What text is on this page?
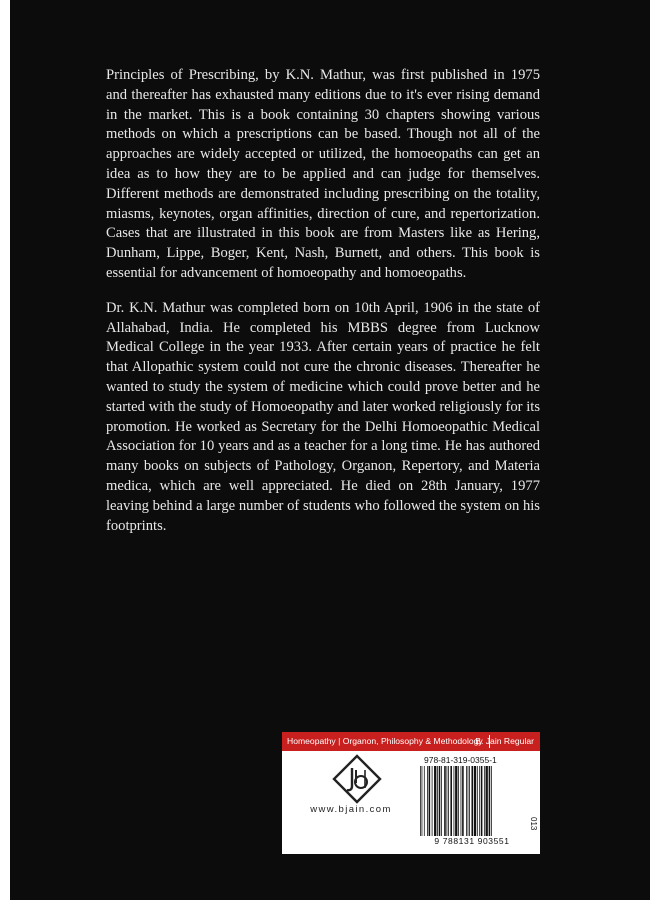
Principles of Prescribing, by K.N. Mathur, was first published in 1975 and thereafter has exhausted many editions due to it's ever rising demand in the market. This is a book containing 30 chapters showing various methods on which a prescriptions can be based. Though not all of the approaches are widely accepted or utilized, the homoeopaths can get an idea as to how they are to be applied and can judge for themselves. Different methods are demonstrated including prescribing on the totality, miasms, keynotes, organ affinities, direction of cure, and repertorization. Cases that are illustrated in this book are from Masters like as Hering, Dunham, Lippe, Boger, Kent, Nash, Burnett, and others. This book is essential for advancement of homoeopathy and homoeopaths.

Dr. K.N. Mathur was completed born on 10th April, 1906 in the state of Allahabad, India. He completed his MBBS degree from Lucknow Medical College in the year 1933. After certain years of practice he felt that Allopathic system could not cure the chronic diseases. Thereafter he wanted to study the system of medicine which could prove better and he started with the study of Homoeopathy and later worked religiously for its promotion. He worked as Secretary for the Delhi Homoeopathic Medical Association for 10 years and as a teacher for a long time. He has authored many books on subjects of Pathology, Organon, Repertory, and Materia medica, which are well appreciated. He died on 28th January, 1977 leaving behind a large number of students who followed the system on his footprints.

Homeopathy | Organon, Philosophy & Methodology
B. Jain Regular
www.bjain.com
978-81-319-0355-1
9 788131 903551
013
